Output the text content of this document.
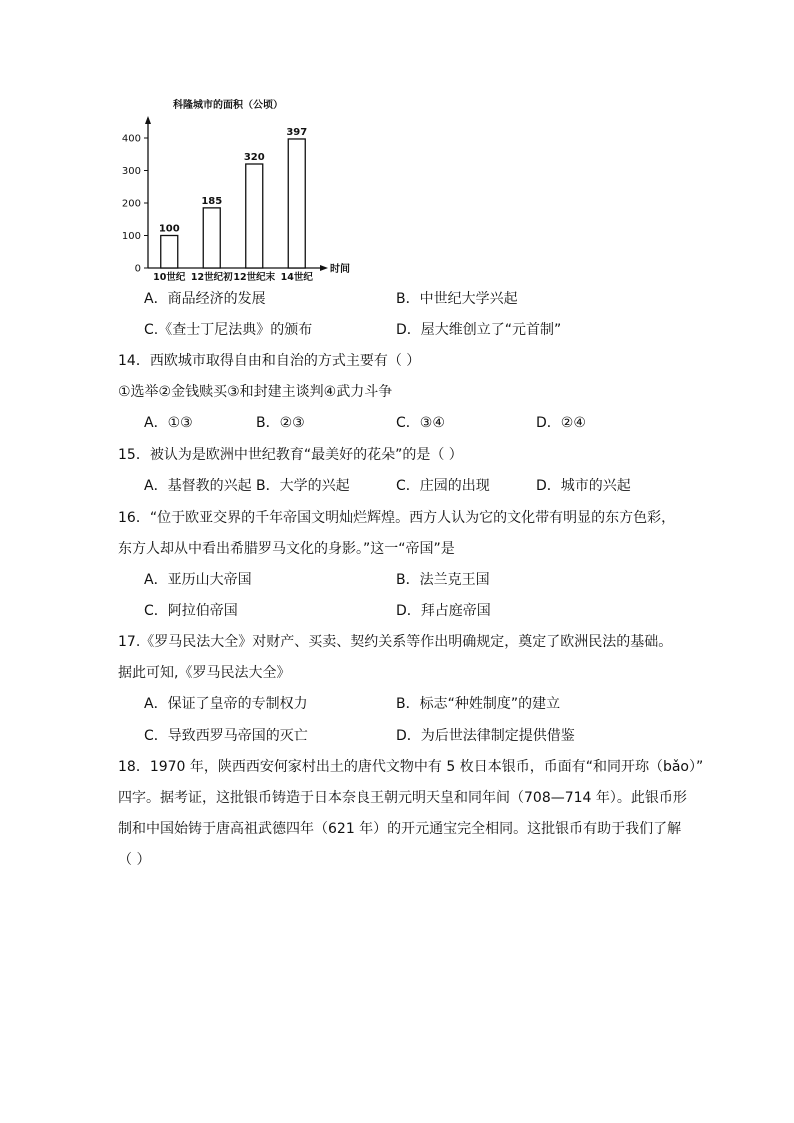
科隆城市的面积（公顷）
0
100
200
300
400
100
10世纪
185
12世纪初
320
12世纪末
397
14世纪
时间
A．商品经济的发展	B．中世纪大学兴起
C.《查士丁尼法典》的颁布	D．屋大维创立了“元首制”
14．西欧城市取得自由和自治的方式主要有（ ）
①选举②金钱赎买③和封建主谈判④武力斗争
A．①③	B．②③	C．③④	D．②④
15．被认为是欧洲中世纪教育“最美好的花朵”的是（ ）
A．基督教的兴起 B．大学的兴起	C．庄园的出现	D．城市的兴起
16．“位于欧亚交界的千年帝国文明灿烂辉煌。西方人认为它的文化带有明显的东方色彩，
东方人却从中看出希腊罗马文化的身影。”这一“帝国”是
A．亚历山大帝国	B．法兰克王国
C．阿拉伯帝国	D．拜占庭帝国
17.《罗马民法大全》对财产、买卖、契约关系等作出明确规定，奠定了欧洲民法的基础。
据此可知,《罗马民法大全》
A．保证了皇帝的专制权力	B．标志“种姓制度”的建立
C．导致西罗马帝国的灭亡	D．为后世法律制定提供借鉴
18．1970 年，陕西西安何家村出土的唐代文物中有 5 枚日本银币，币面有“和同开珎（bǎo）”
四字。据考证，这批银币铸造于日本奈良王朝元明天皇和同年间（708—714 年）。此银币形
制和中国始铸于唐高祖武德四年（621 年）的开元通宝完全相同。这批银币有助于我们了解
（ ）
